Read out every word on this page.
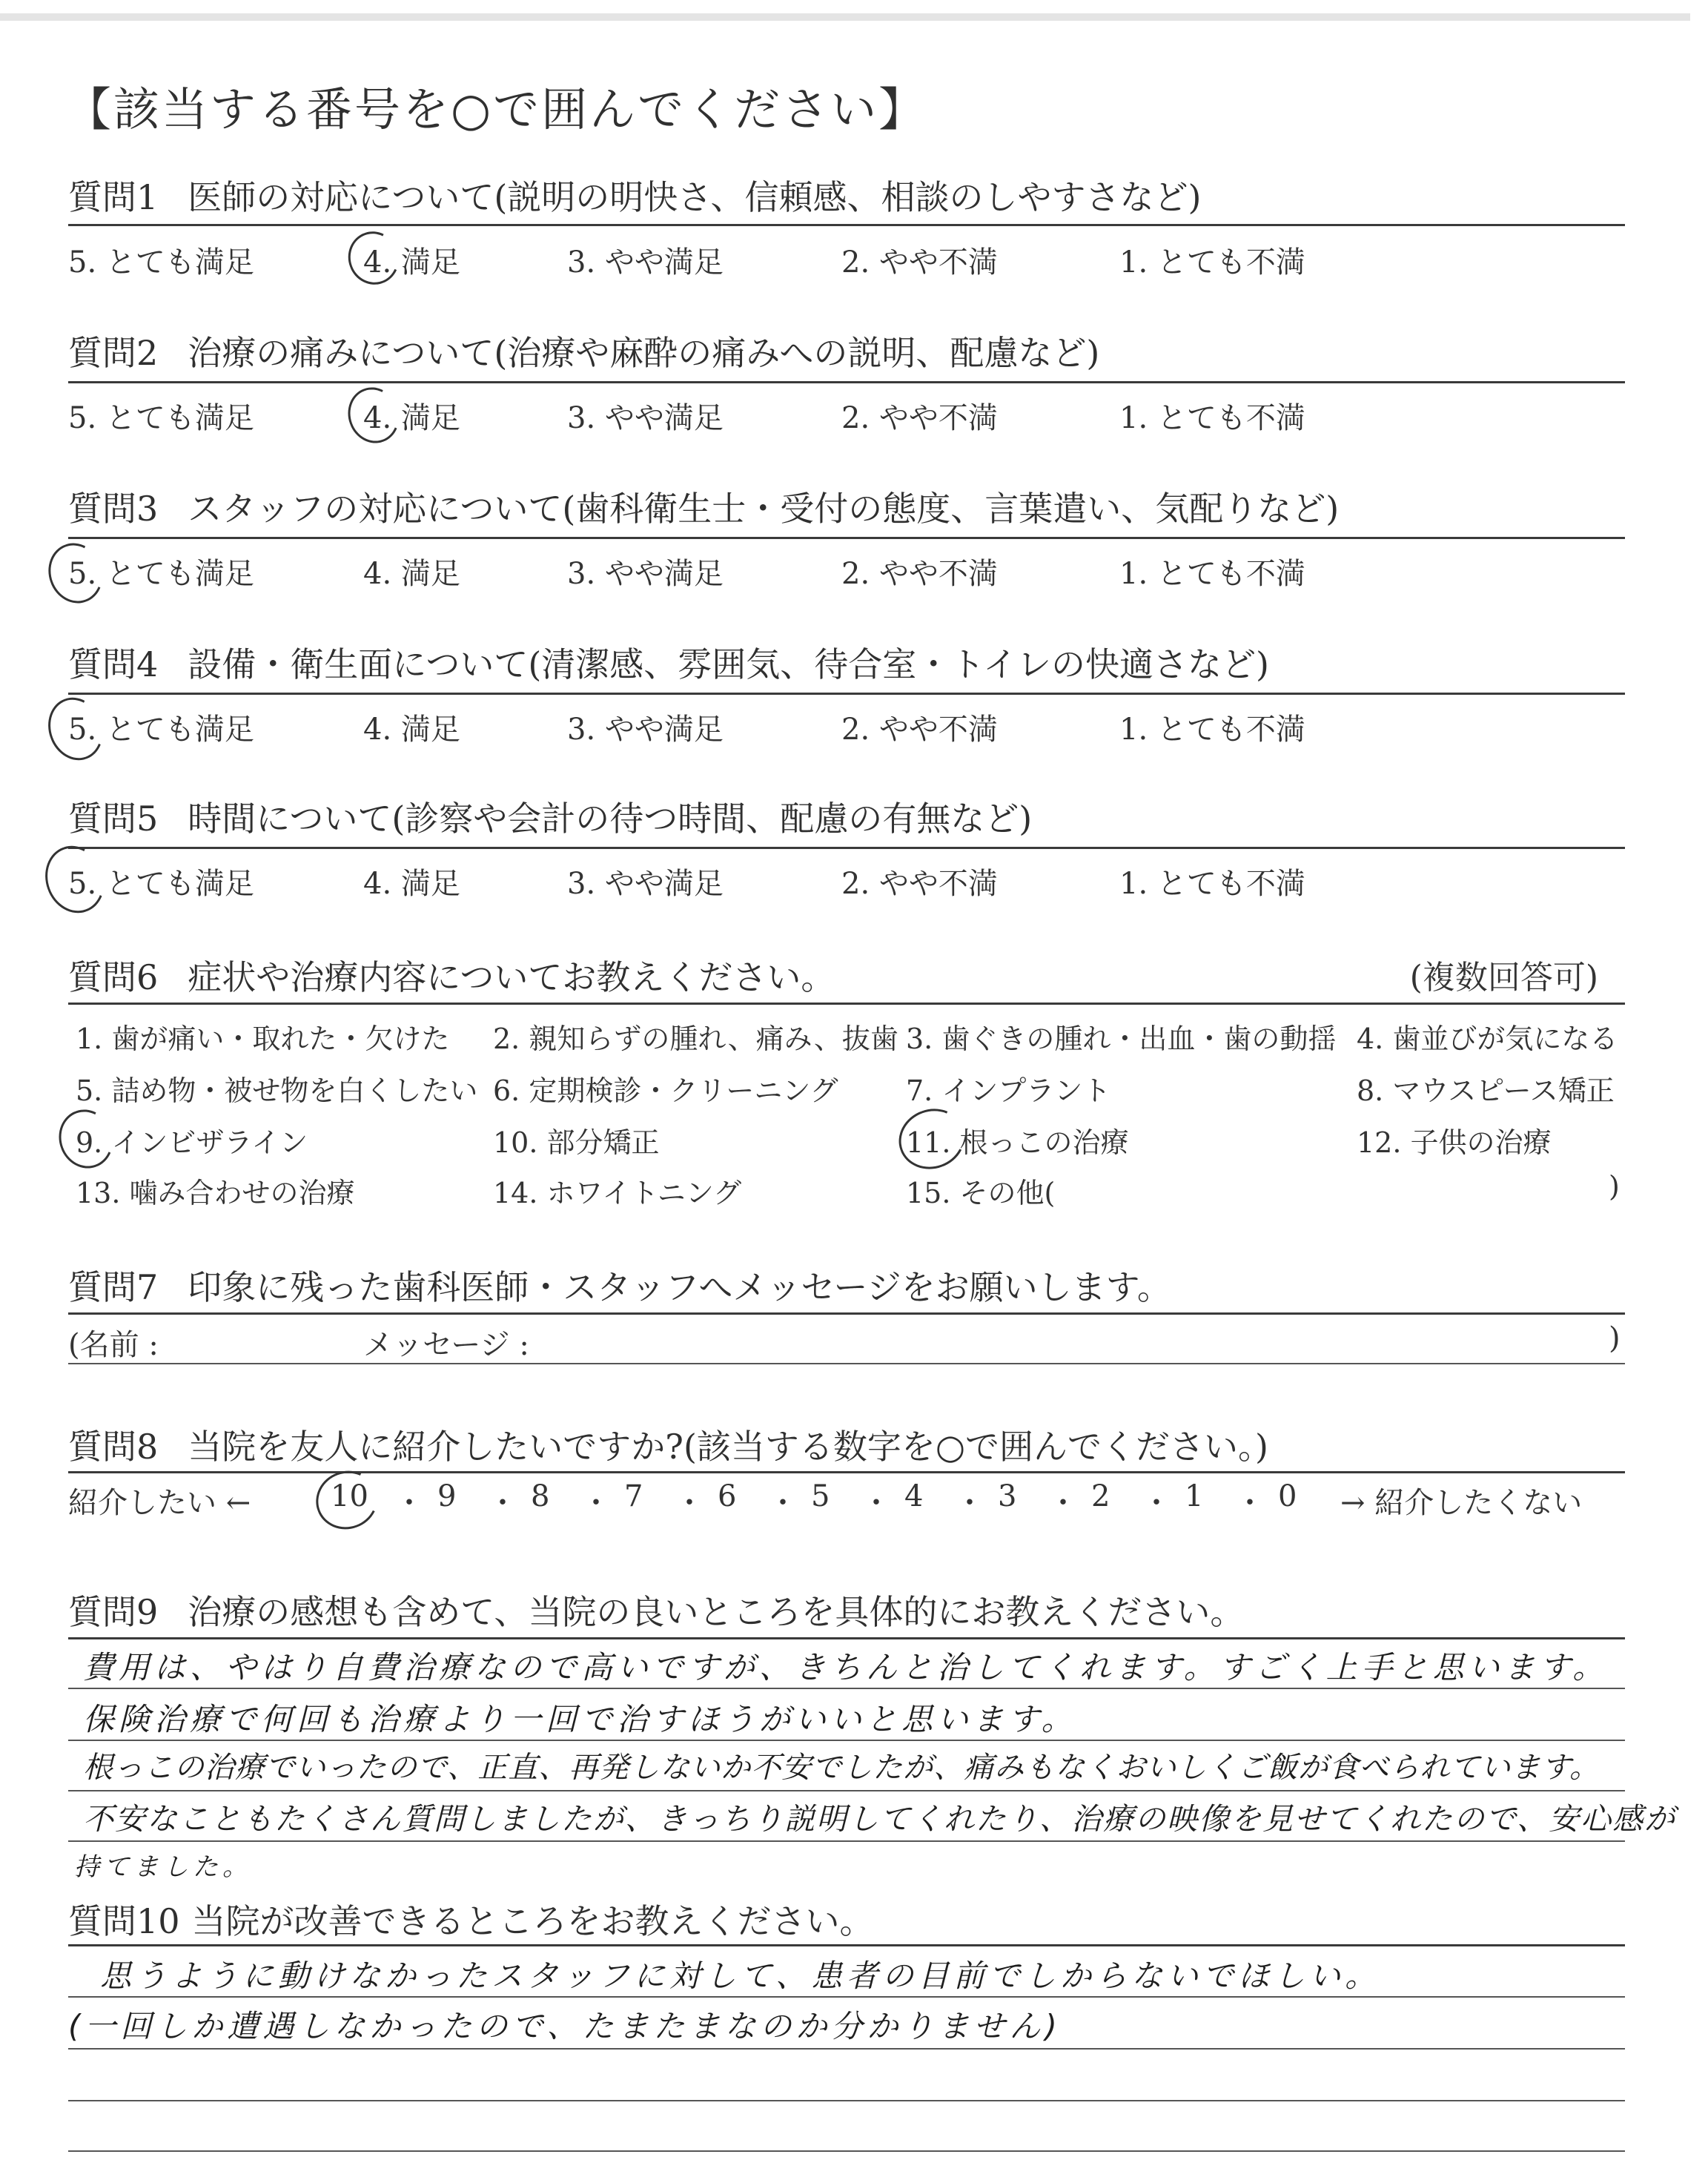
【該当する番号を○で囲んでください】
質問1 医師の対応について(説明の明快さ、信頼感、相談のしやすさなど)
5. とても満足	4. 満足	3. やや満足	2. やや不満	1. とても不満
質問2 治療の痛みについて(治療や麻酔の痛みへの説明、配慮など)
5. とても満足	4. 満足	3. やや満足	2. やや不満	1. とても不満
質問3 スタッフの対応について(歯科衛生士・受付の態度、言葉遣い、気配りなど)
5. とても満足	4. 満足	3. やや満足	2. やや不満	1. とても不満
質問4 設備・衛生面について(清潔感、雰囲気、待合室・トイレの快適さなど)
5. とても満足	4. 満足	3. やや満足	2. やや不満	1. とても不満
質問5 時間について(診察や会計の待つ時間、配慮の有無など)
5. とても満足	4. 満足	3. やや満足	2. やや不満	1. とても不満
質問6 症状や治療内容についてお教えください。	(複数回答可)
1. 歯が痛い・取れた・欠けた 2. 親知らずの腫れ、痛み、抜歯 3. 歯ぐきの腫れ・出血・歯の動揺 4. 歯並びが気になる
5. 詰め物・被せ物を白くしたい 6. 定期検診・クリーニング 7. インプラント	8. マウスピース矯正
9. インビザライン	10. 部分矯正	11. 根っこの治療	12. 子供の治療
13. 噛み合わせの治療	14. ホワイトニング	15. その他(	)
質問7 印象に残った歯科医師・スタッフへメッセージをお願いします。
(名前 :	メッセージ :	)
質問8 当院を友人に紹介したいですか?(該当する数字を○で囲んでください。)
紹介したい ←	10 ・ 9 ・ 8 ・ 7 ・ 6 ・ 5 ・ 4 ・ 3 ・ 2 ・ 1 ・ 0 → 紹介したくない
質問9 治療の感想も含めて、当院の良いところを具体的にお教えください。
費用は、やはり自費治療なので高いですが、きちんと治してくれます。すごく上手と思います。
保険治療で何回も治療より一回で治すほうがいいと思います。
根っこの治療でいったので、正直、再発しないか不安でしたが、痛みもなくおいしくご飯が食べられています。
不安なこともたくさん質問しましたが、きっちり説明してくれたり、治療の映像を見せてくれたので、安心感が
持てました。
質問10 当院が改善できるところをお教えください。
思うように動けなかったスタッフに対して、患者の目前でしからないでほしい。
(一回しか遭遇しなかったので、たまたまなのか分かりません)
